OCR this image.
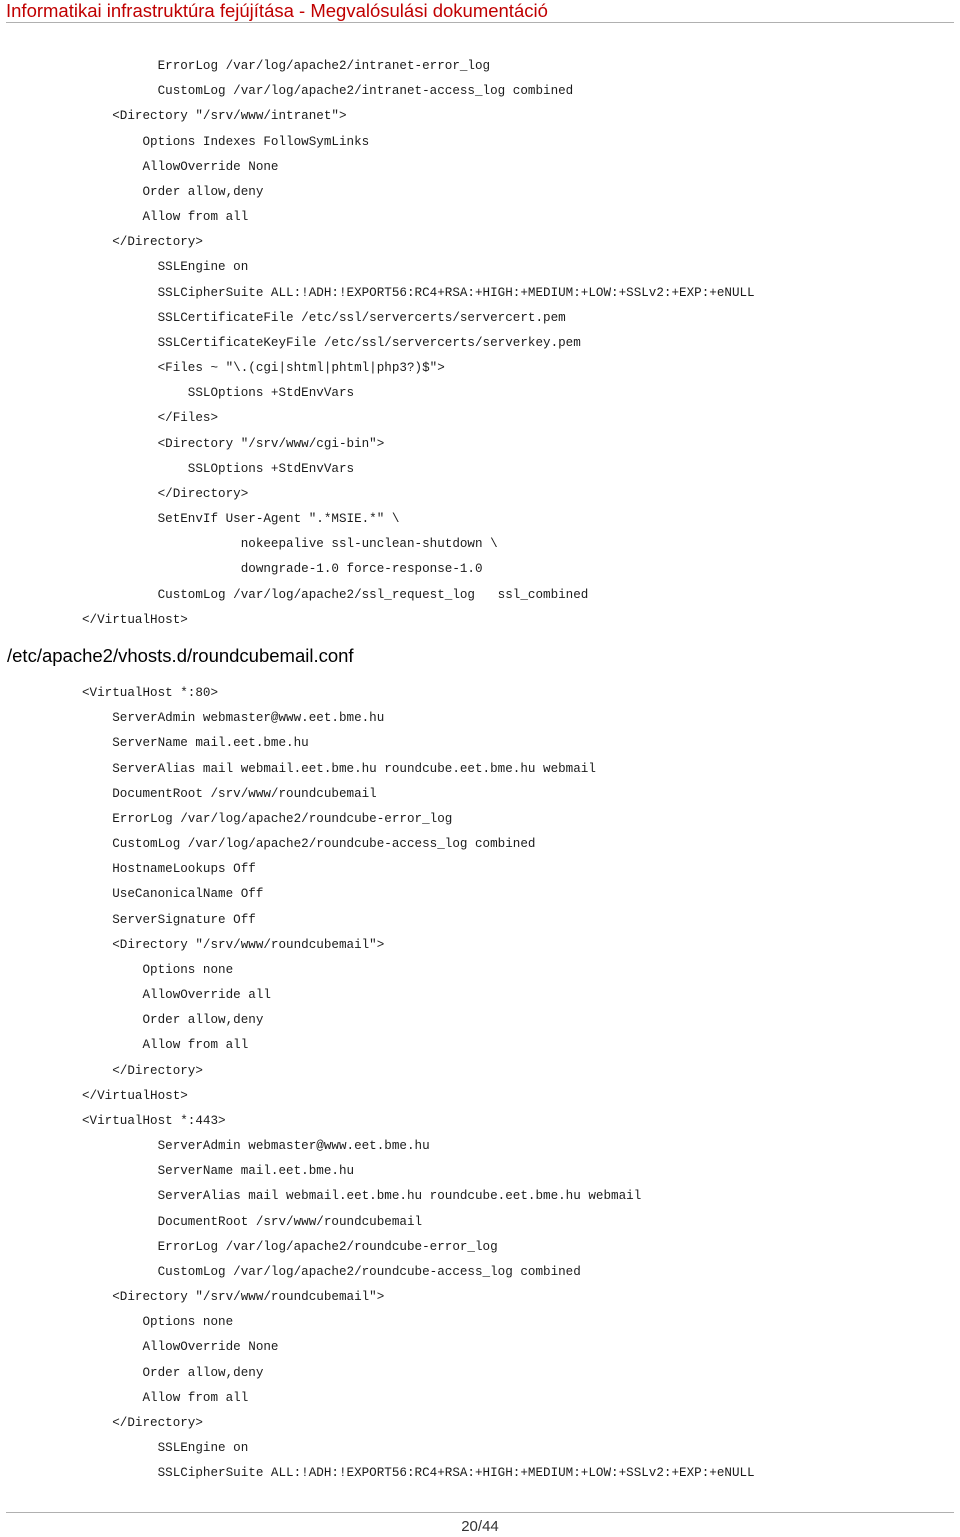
Informatikai infrastruktúra fejújítása - Megvalósulási dokumentáció
ErrorLog /var/log/apache2/intranet-error_log
CustomLog /var/log/apache2/intranet-access_log combined
<Directory "/srv/www/intranet">
Options Indexes FollowSymLinks
AllowOverride None
Order allow,deny
Allow from all
</Directory>
SSLEngine on
SSLCipherSuite ALL:!ADH:!EXPORT56:RC4+RSA:+HIGH:+MEDIUM:+LOW:+SSLv2:+EXP:+eNULL
SSLCertificateFile /etc/ssl/servercerts/servercert.pem
SSLCertificateKeyFile /etc/ssl/servercerts/serverkey.pem
<Files ~ "\.(cgi|shtml|phtml|php3?)$">
SSLOptions +StdEnvVars
</Files>
<Directory "/srv/www/cgi-bin">
SSLOptions +StdEnvVars
</Directory>
SetEnvIf User-Agent ".*MSIE.*" \
nokeepalive ssl-unclean-shutdown \
downgrade-1.0 force-response-1.0
CustomLog /var/log/apache2/ssl_request_log   ssl_combined
</VirtualHost>
/etc/apache2/vhosts.d/roundcubemail.conf
<VirtualHost *:80>
ServerAdmin webmaster@www.eet.bme.hu
ServerName mail.eet.bme.hu
ServerAlias mail webmail.eet.bme.hu roundcube.eet.bme.hu webmail
DocumentRoot /srv/www/roundcubemail
ErrorLog /var/log/apache2/roundcube-error_log
CustomLog /var/log/apache2/roundcube-access_log combined
HostnameLookups Off
UseCanonicalName Off
ServerSignature Off
<Directory "/srv/www/roundcubemail">
Options none
AllowOverride all
Order allow,deny
Allow from all
</Directory>
</VirtualHost>
<VirtualHost *:443>
ServerAdmin webmaster@www.eet.bme.hu
ServerName mail.eet.bme.hu
ServerAlias mail webmail.eet.bme.hu roundcube.eet.bme.hu webmail
DocumentRoot /srv/www/roundcubemail
ErrorLog /var/log/apache2/roundcube-error_log
CustomLog /var/log/apache2/roundcube-access_log combined
<Directory "/srv/www/roundcubemail">
Options none
AllowOverride None
Order allow,deny
Allow from all
</Directory>
SSLEngine on
SSLCipherSuite ALL:!ADH:!EXPORT56:RC4+RSA:+HIGH:+MEDIUM:+LOW:+SSLv2:+EXP:+eNULL
20/44
